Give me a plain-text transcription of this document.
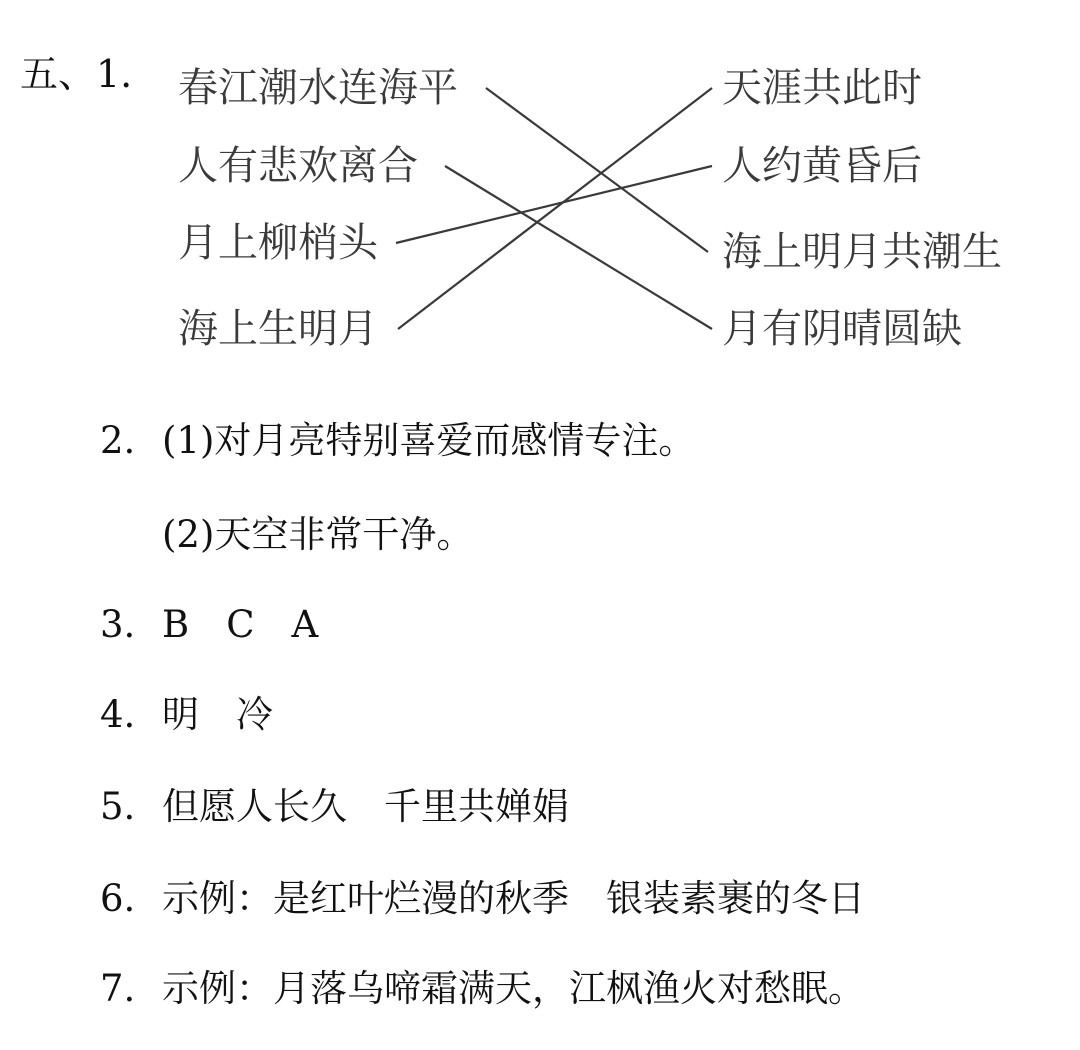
五、1. 春江潮水连海平
人有悲欢离合
月上柳梢头
海上生明月
天涯共此时
人约黄昏后
海上明月共潮生
月有阴晴圆缺
2. (1)对月亮特别喜爱而感情专注。
(2)天空非常干净。
3. B　C　A
4. 明　冷
5. 但愿人长久　千里共婵娟
6. 示例：是红叶烂漫的秋季　银装素裹的冬日
7. 示例：月落乌啼霜满天，江枫渔火对愁眠。
